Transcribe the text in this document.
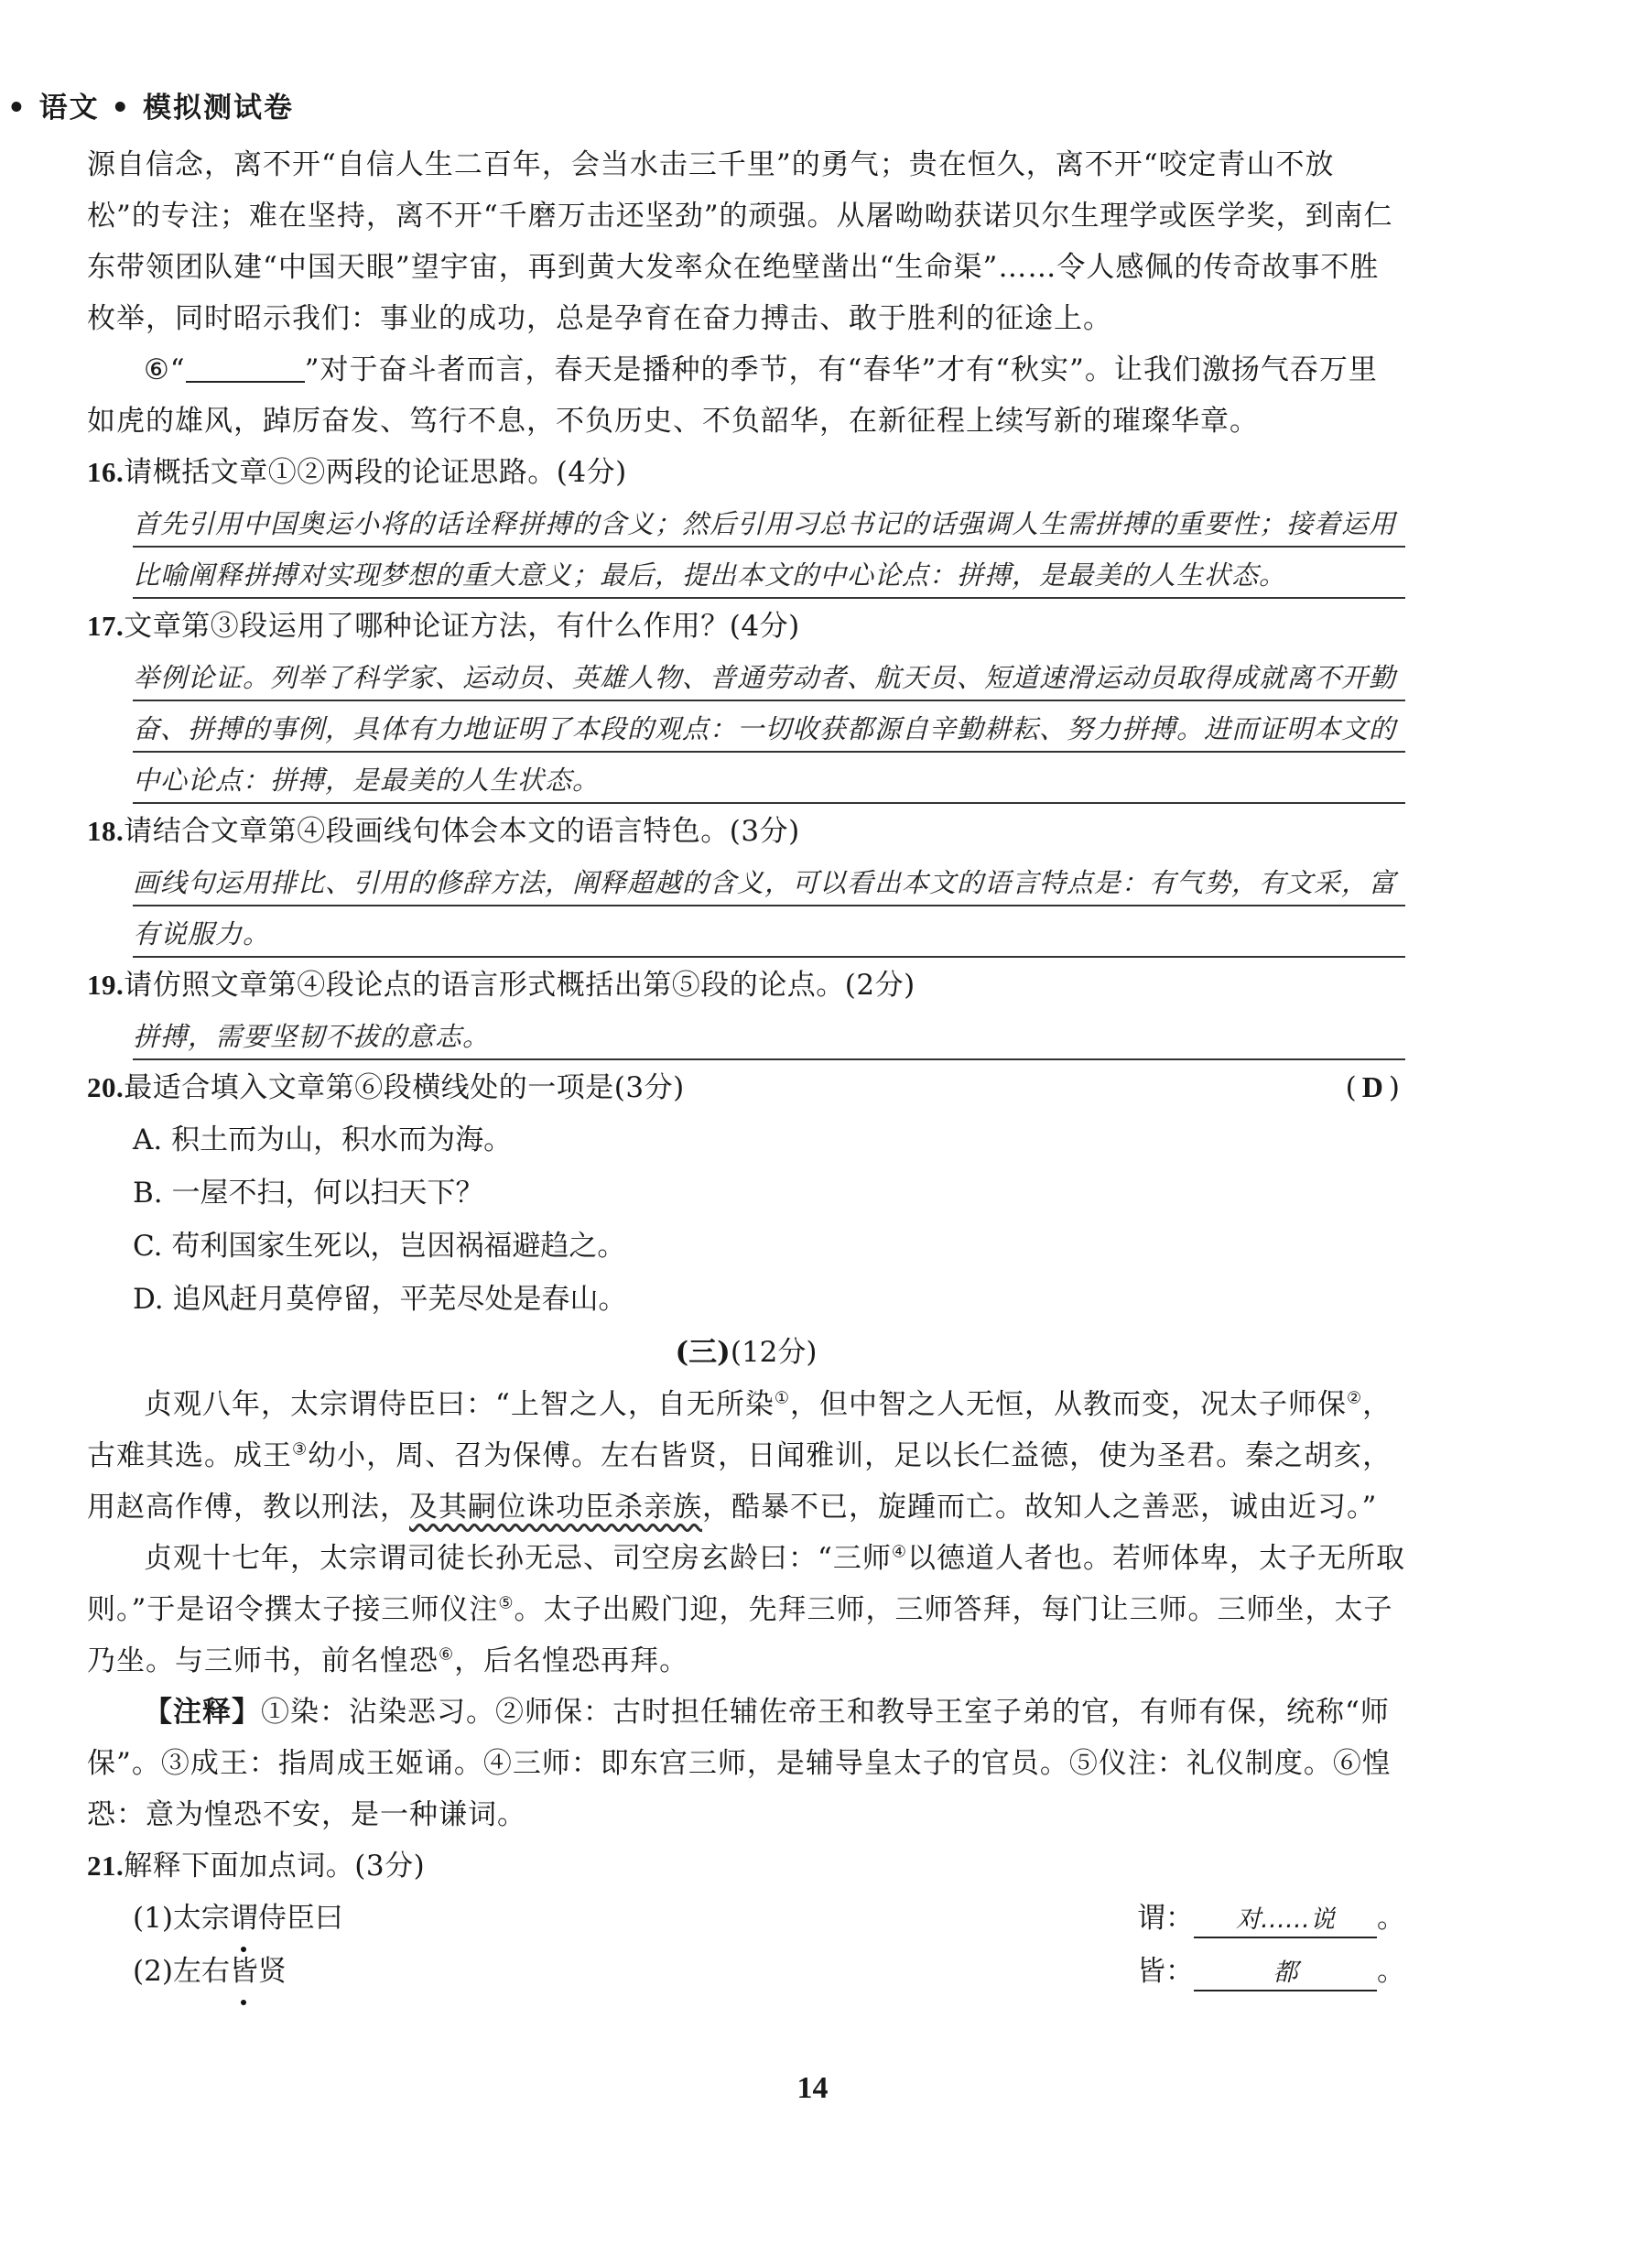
• 语文 • 模拟测试卷

源自信念，离不开“自信人生二百年，会当水击三千里”的勇气；贵在恒久，离不开“咬定青山不放松”的专注；难在坚持，离不开“千磨万击还坚劲”的顽强。从屠呦呦获诺贝尔生理学或医学奖，到南仁东带领团队建“中国天眼”望宇宙，再到黄大发率众在绝壁凿出“生命渠”……令人感佩的传奇故事不胜枚举，同时昭示我们：事业的成功，总是孕育在奋力搏击、敢于胜利的征途上。

⑥“	”对于奋斗者而言，春天是播种的季节，有“春华”才有“秋实”。让我们激扬气吞万里如虎的雄风，踔厉奋发、笃行不息，不负历史、不负韶华，在新征程上续写新的璀璨华章。

16.请概括文章①②两段的论证思路。(4分)

首先引用中国奥运小将的话诠释拼搏的含义；然后引用习总书记的话强调人生需拼搏的重要性；接着运用比喻阐释拼搏对实现梦想的重大意义；最后，提出本文的中心论点：拼搏，是最美的人生状态。

17.文章第③段运用了哪种论证方法，有什么作用？(4分)

举例论证。列举了科学家、运动员、英雄人物、普通劳动者、航天员、短道速滑运动员取得成就离不开勤奋、拼搏的事例，具体有力地证明了本段的观点：一切收获都源自辛勤耕耘、努力拼搏。进而证明本文的中心论点：拼搏，是最美的人生状态。

18.请结合文章第④段画线句体会本文的语言特色。(3分)

画线句运用排比、引用的修辞方法，阐释超越的含义，可以看出本文的语言特点是：有气势，有文采，富有说服力。

19.请仿照文章第④段论点的语言形式概括出第⑤段的论点。(2分)

拼搏，需要坚韧不拔的意志。

20.最适合填入文章第⑥段横线处的一项是(3分)	(D)

A. 积土而为山，积水而为海。

B. 一屋不扫，何以扫天下？

C. 苟利国家生死以，岂因祸福避趋之。

D. 追风赶月莫停留，平芜尽处是春山。

(三)(12分)

贞观八年，太宗谓侍臣曰：“上智之人，自无所染①，但中智之人无恒，从教而变，况太子师保②，古难其选。成王③幼小，周、召为保傅。左右皆贤，日闻雅训，足以长仁益德，使为圣君。秦之胡亥，用赵高作傅，教以刑法，及其嗣位诛功臣杀亲族，酷暴不已，旋踵而亡。故知人之善恶，诚由近习。”

贞观十七年，太宗谓司徒长孙无忌、司空房玄龄曰：“三师④以德道人者也。若师体卑，太子无所取则。”于是诏令撰太子接三师仪注⑤。太子出殿门迎，先拜三师，三师答拜，每门让三师。三师坐，太子乃坐。与三师书，前名惶恐⑥，后名惶恐再拜。

【注释】①染：沾染恶习。②师保：古时担任辅佐帝王和教导王室子弟的官，有师有保，统称“师保”。③成王：指周成王姬诵。④三师：即东宫三师，是辅导皇太子的官员。⑤仪注：礼仪制度。⑥惶恐：意为惶恐不安，是一种谦词。

21.解释下面加点词。(3分)

(1)太宗谓侍臣曰	谓： 对……说 。
(2)左右皆贤	皆：	都	。
14
